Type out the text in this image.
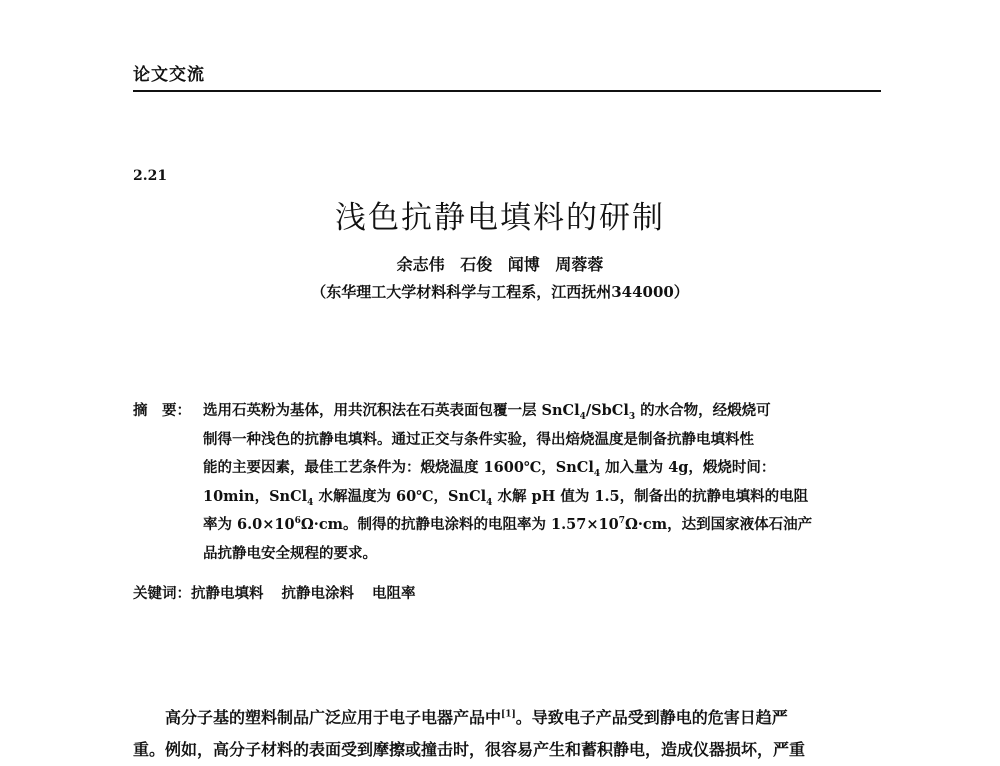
论文交流
2.21
浅色抗静电填料的研制
余志伟 石俊 闻博 周蓉蓉
（东华理工大学材料科学与工程系，江西抚州344000）
摘　要： 选用石英粉为基体，用共沉积法在石英表面包覆一层 SnCl$_4$/SbCl$_3$ 的水合物，经煅烧可
制得一种浅色的抗静电填料。通过正交与条件实验，得出焙烧温度是制备抗静电填料性
能的主要因素，最佳工艺条件为：煅烧温度 1600℃，SnCl$_4$ 加入量为 4g，煅烧时间：
10min，SnCl$_4$ 水解温度为 60℃，SnCl$_4$ 水解 pH 值为 1.5，制备出的抗静电填料的电阻
率为 $6.0\times 10^6\Omega\cdot cm$。制得的抗静电涂料的电阻率为 $1.57\times 10^7\Omega\cdot cm$，达到国家液体石油产
品抗静电安全规程的要求。
关键词：抗静电填料 抗静电涂料 电阻率
高分子基的塑料制品广泛应用于电子电器产品中[1]。导致电子产品受到静电的危害日趋严
重。例如，高分子材料的表面受到摩擦或撞击时，很容易产生和蓄积静电，造成仪器损坏，严重
